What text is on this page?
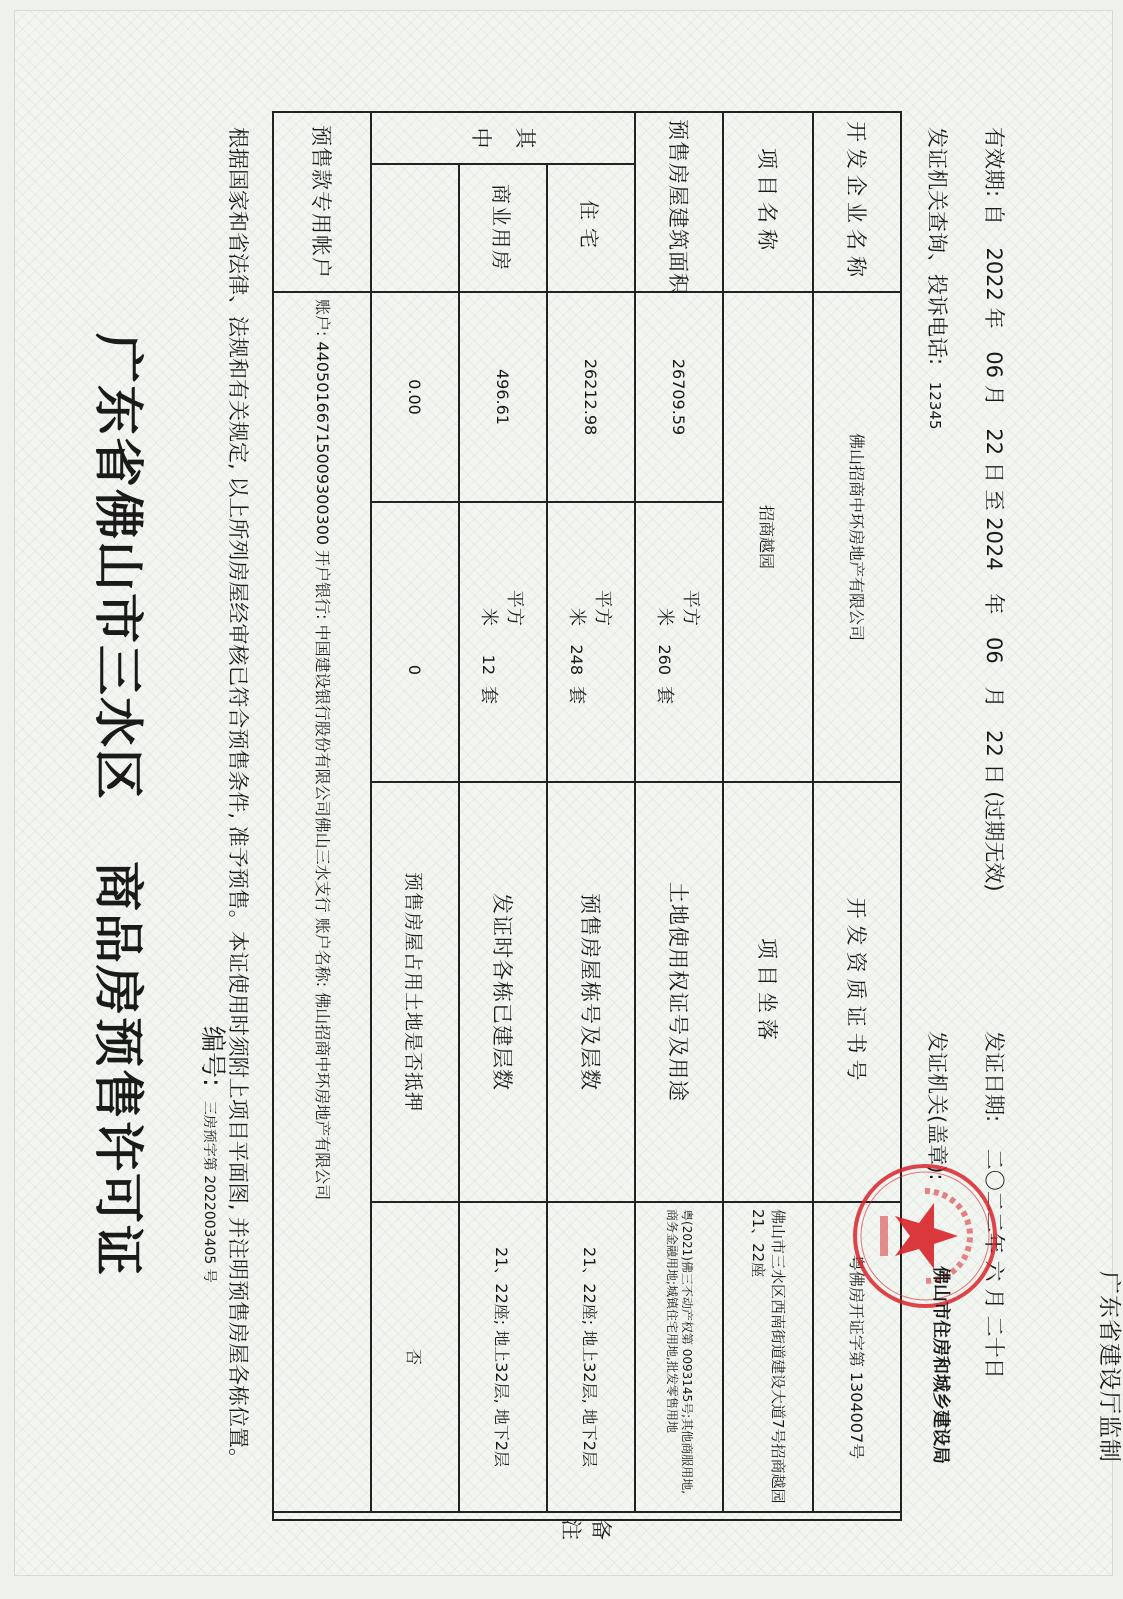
广东省佛山市三水区商品房预售许可证	编号:三房预字第 2022003405 号
开发企业名称		佛山招商中环房地产有限公司		开发资质证书号	粤佛房开证字第 1304007号	备 注
项目名称		招商越园		项目坐落	佛山市三水区西南街道建设大道7号招商越园21、22座	
预售房屋建筑面积		26709.59	平方米 260 套	土地使用权证号及用途	粤(2021)佛三不动产权第 0093145号;其他商服用地,商务金融用地;城镇住宅用地,批发零售用地	
其中	住宅	26212.98	平方米 248 套	预售房屋栋号及层数	21、22座; 地上32层, 地下2层	
	商业用房	496.61	平方米 12 套	发证时各栋已建层数	21、22座; 地上32层, 地下2层	
		0.00	0	预售房屋占用土地是否抵押	否	
预售款专用帐户		账户: 44050166715009300300 开户银行: 中国建设银行股份有限公司佛山三水支行 账户名称: 佛山招商中环房地产有限公司				
根据国家和省法律、法规和有关规定, 以上所列房屋经审核已符合预售条件, 准予预售。本证使用时须附上项目平面图, 并注明预售房屋各栋位置。	发证机关查询、投诉电话: 12345
有效期: 自 2022 年 06 月 22 日 至 2024 年 06 月 22 日 (过期无效)
发证机关(盖章): 发证日期: 二〇二二年 六 月 二十日
佛山市住房和城乡建设局	广东省建设厅监制
